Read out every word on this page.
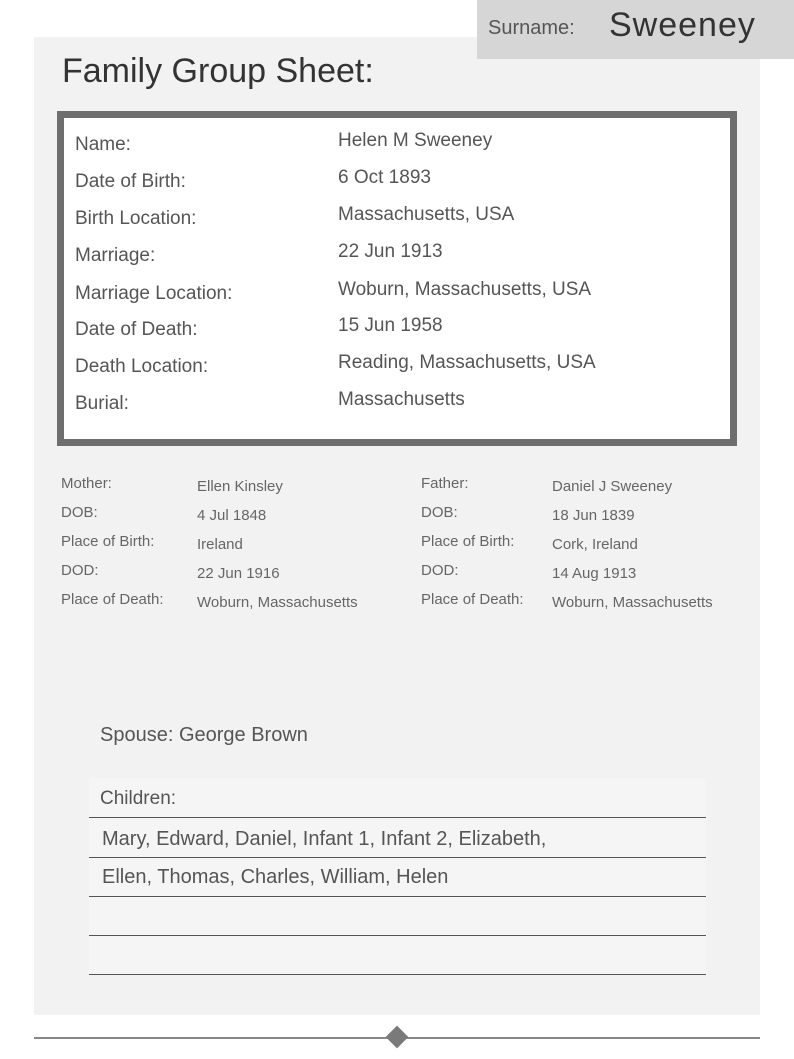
Surname: Sweeney
Family Group Sheet:
Name:	Helen M Sweeney
Date of Birth:	6 Oct 1893
Birth Location:	Massachusetts, USA
Marriage:	22 Jun 1913
Marriage Location:	Woburn, Massachusetts, USA
Date of Death:	15 Jun 1958
Death Location:	Reading, Massachusetts, USA
Burial:	Massachusetts
Mother:	Ellen Kinsley
DOB:	4 Jul 1848
Place of Birth:	Ireland
DOD:	22 Jun 1916
Place of Death: Woburn, Massachusetts
Father:	Daniel J Sweeney
DOB:	18 Jun 1839
Place of Birth:	Cork, Ireland
DOD:	14 Aug 1913
Place of Death: Woburn, Massachusetts
Spouse: George Brown
Children:
Mary, Edward, Daniel, Infant 1, Infant 2, Elizabeth,
Ellen, Thomas, Charles, William, Helen
